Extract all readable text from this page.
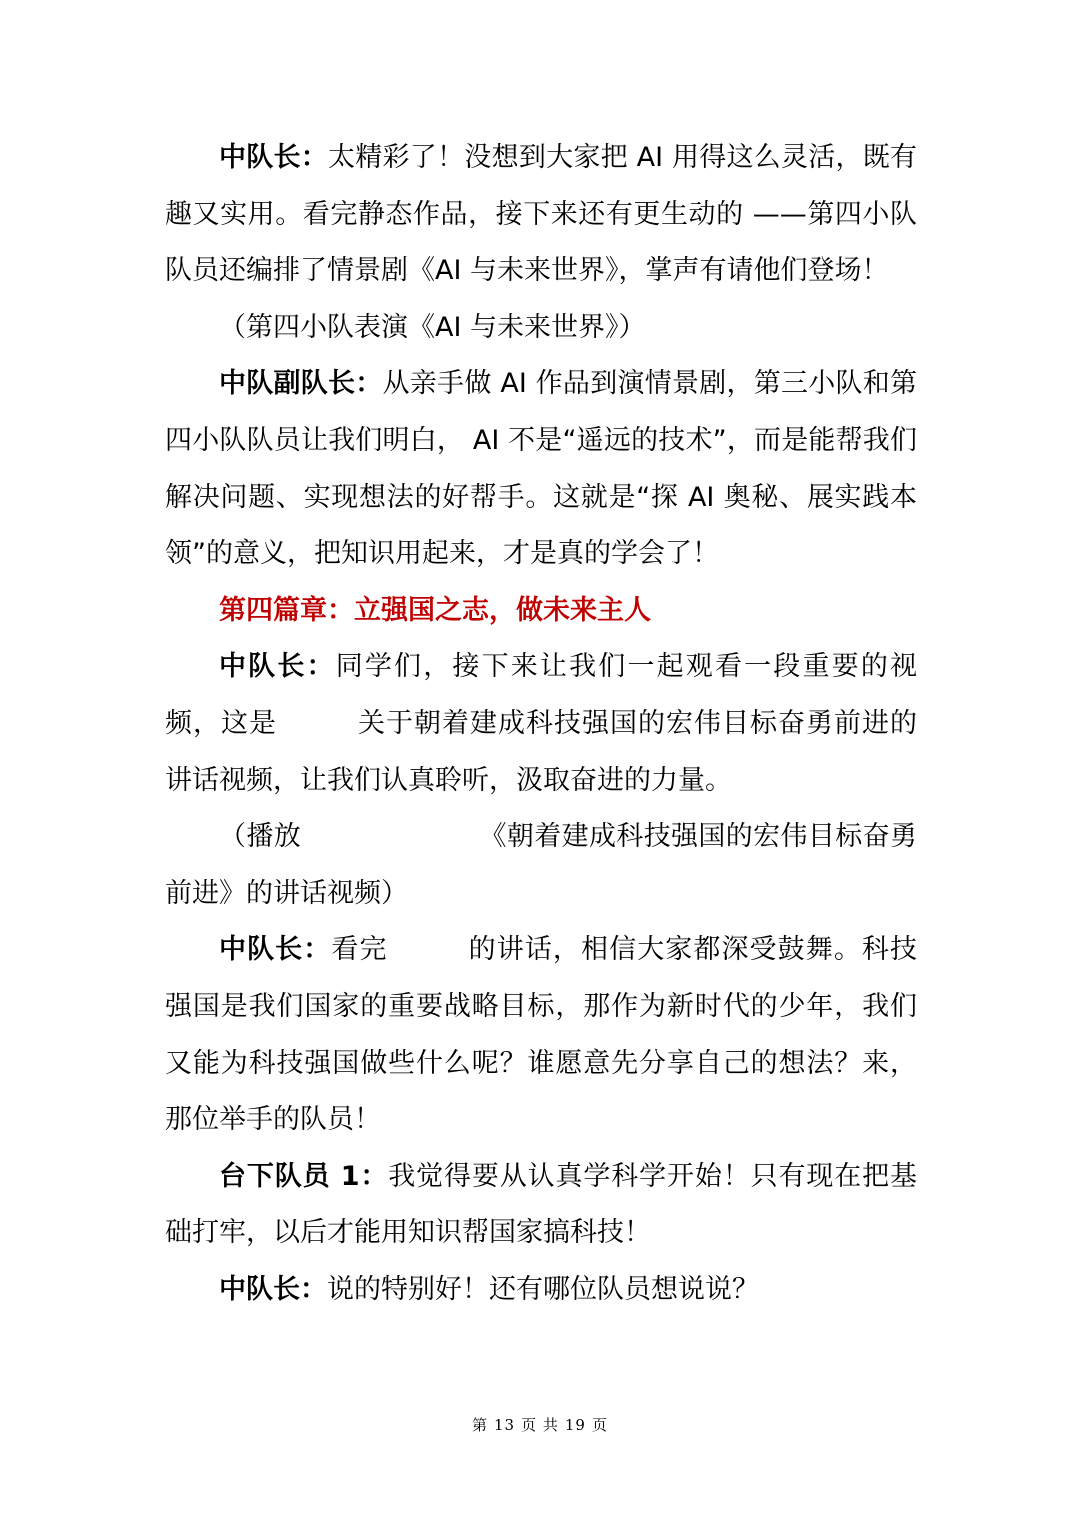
中队长：太精彩了！没想到大家把 AI 用得这么灵活，既有趣又实用。看完静态作品，接下来还有更生动的 ——第四小队队员还编排了情景剧《AI 与未来世界》，掌声有请他们登场！

（第四小队表演《AI 与未来世界》）

中队副队长：从亲手做 AI 作品到演情景剧，第三小队和第四小队队员让我们明白， AI 不是“遥远的技术”，而是能帮我们解决问题、实现想法的好帮手。这就是“探 AI 奥秘、展实践本领”的意义，把知识用起来，才是真的学会了！

第四篇章：立强国之志，做未来主人

中队长：同学们，接下来让我们一起观看一段重要的视频，这是	关于朝着建成科技强国的宏伟目标奋勇前进的讲话视频，让我们认真聆听，汲取奋进的力量。

（播放	《朝着建成科技强国的宏伟目标奋勇前进》的讲话视频）

中队长：看完	的讲话，相信大家都深受鼓舞。科技强国是我们国家的重要战略目标，那作为新时代的少年，我们又能为科技强国做些什么呢？谁愿意先分享自己的想法？来，那位举手的队员！

台下队员 1：我觉得要从认真学科学开始！只有现在把基础打牢，以后才能用知识帮国家搞科技！

中队长：说的特别好！还有哪位队员想说说？

第 13 页 共 19 页
